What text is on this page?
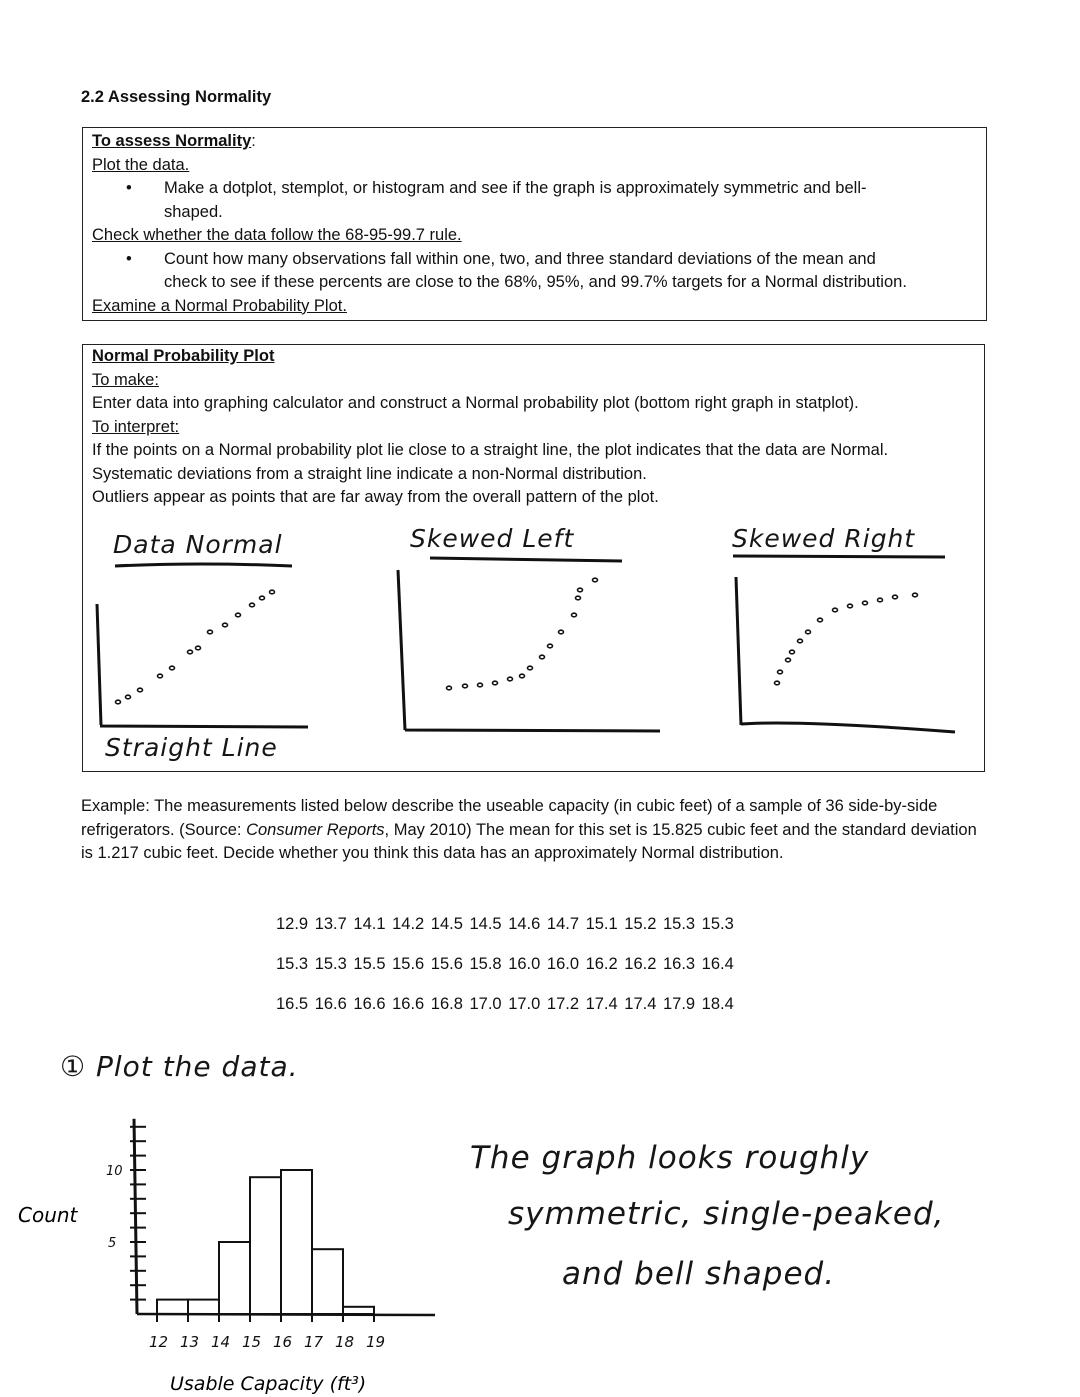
2.2 Assessing Normality
To assess Normality:
Plot the data.
• Make a dotplot, stemplot, or histogram and see if the graph is approximately symmetric and bell-
shaped.
Check whether the data follow the 68-95-99.7 rule.
• Count how many observations fall within one, two, and three standard deviations of the mean and
check to see if these percents are close to the 68%, 95%, and 99.7% targets for a Normal distribution.
Examine a Normal Probability Plot.
Normal Probability Plot
To make:
Enter data into graphing calculator and construct a Normal probability plot (bottom right graph in statplot).
To interpret:
If the points on a Normal probability plot lie close to a straight line, the plot indicates that the data are Normal.
Systematic deviations from a straight line indicate a non-Normal distribution.
Outliers appear as points that are far away from the overall pattern of the plot.
Data Normal	Skewed Left	Skewed Right
Straight Line
Example: The measurements listed below describe the useable capacity (in cubic feet) of a sample of 36 side-by-side refrigerators. (Source: Consumer Reports, May 2010) The mean for this set is 15.825 cubic feet and the standard deviation is 1.217 cubic feet. Decide whether you think this data has an approximately Normal distribution.
12.9 13.7 14.1 14.2 14.5 14.5 14.6 14.7 15.1 15.2 15.3 15.3
15.3 15.3 15.5 15.6 15.6 15.8 16.0 16.0 16.2 16.2 16.3 16.4
16.5 16.6 16.6 16.6 16.8 17.0 17.0 17.2 17.4 17.4 17.9 18.4
① Plot the data.
The graph looks roughly
symmetric, single-peaked,
and bell shaped.
Count
Usable Capacity (ft³)
12 13 14 15 16 17 18 19
5
10
